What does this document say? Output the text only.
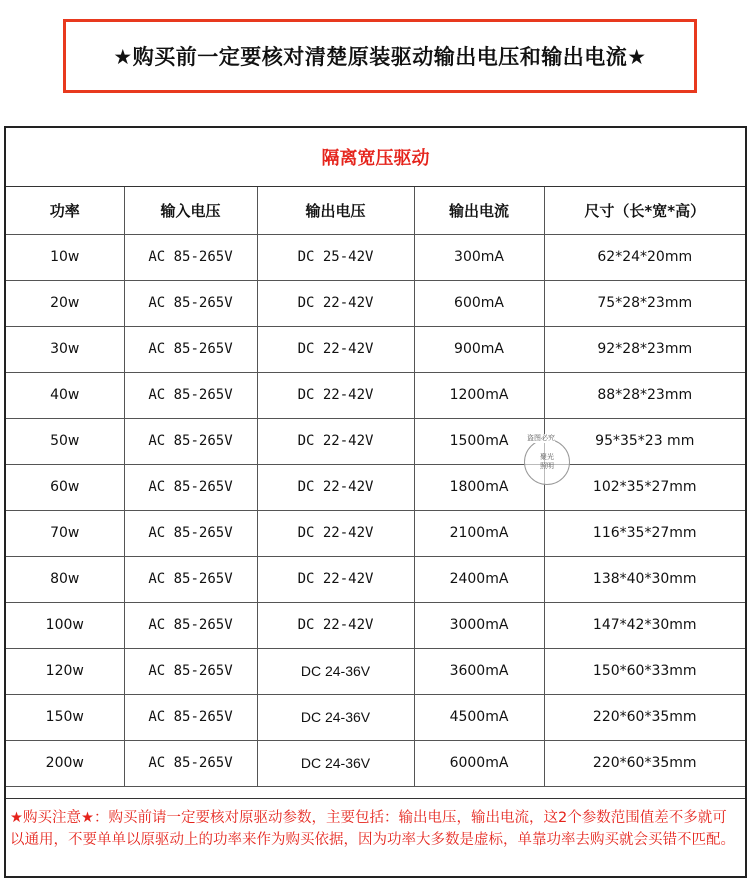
★购买前一定要核对清楚原装驱动输出电压和输出电流★
隔离宽压驱动
功率	输入电压	输出电压	输出电流	尺寸（长*宽*高）
10w	AC 85-265V	DC 25-42V	300mA	62*24*20mm
20w	AC 85-265V	DC 22-42V	600mA	75*28*23mm
30w	AC 85-265V	DC 22-42V	900mA	92*28*23mm
40w	AC 85-265V	DC 22-42V	1200mA	88*28*23mm
50w	AC 85-265V	DC 22-42V	1500mA	95*35*23 mm
60w	AC 85-265V	DC 22-42V	1800mA	102*35*27mm
70w	AC 85-265V	DC 22-42V	2100mA	116*35*27mm
80w	AC 85-265V	DC 22-42V	2400mA	138*40*30mm
100w	AC 85-265V	DC 22-42V	3000mA	147*42*30mm
120w	AC 85-265V	DC 24-36V	3600mA	150*60*33mm
150w	AC 85-265V	DC 24-36V	4500mA	220*60*35mm
200w	AC 85-265V	DC 24-36V	6000mA	220*60*35mm
★购买注意★：购买前请一定要核对原驱动参数，主要包括：输出电压，输出电流，这2个参数范围值差不多就可以通用，不要单单以原驱动上的功率来作为购买依据，因为功率大多数是虚标，单靠功率去购买就会买错不匹配。
盗图必究
聚光
照明
